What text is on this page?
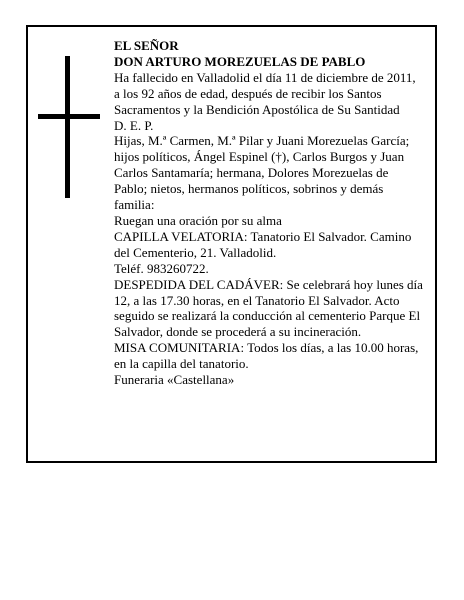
EL SEÑOR

DON ARTURO MOREZUELAS DE PABLO

Ha fallecido en Valladolid el día 11 de diciembre de 2011, a los 92 años de edad, después de recibir los Santos Sacramentos y la Bendición Apostólica de Su Santidad

D. E. P.

Hijas, M.ª Carmen, M.ª Pilar y Juani Morezuelas García; hijos políticos, Ángel Espinel (†), Carlos Burgos y Juan Carlos Santamaría; hermana, Dolores Morezuelas de Pablo; nietos, hermanos políticos, sobrinos y demás familia:

Ruegan una oración por su alma

CAPILLA VELATORIA: Tanatorio El Salvador. Camino del Cementerio, 21. Valladolid.

Teléf. 983260722.

DESPEDIDA DEL CADÁVER: Se celebrará hoy lunes día 12, a las 17.30 horas, en el Tanatorio El Salvador. Acto seguido se realizará la conducción al cementerio Parque El Salvador, donde se procederá a su incineración.

MISA COMUNITARIA: Todos los días, a las 10.00 horas, en la capilla del tanatorio.

Funeraria «Castellana»
